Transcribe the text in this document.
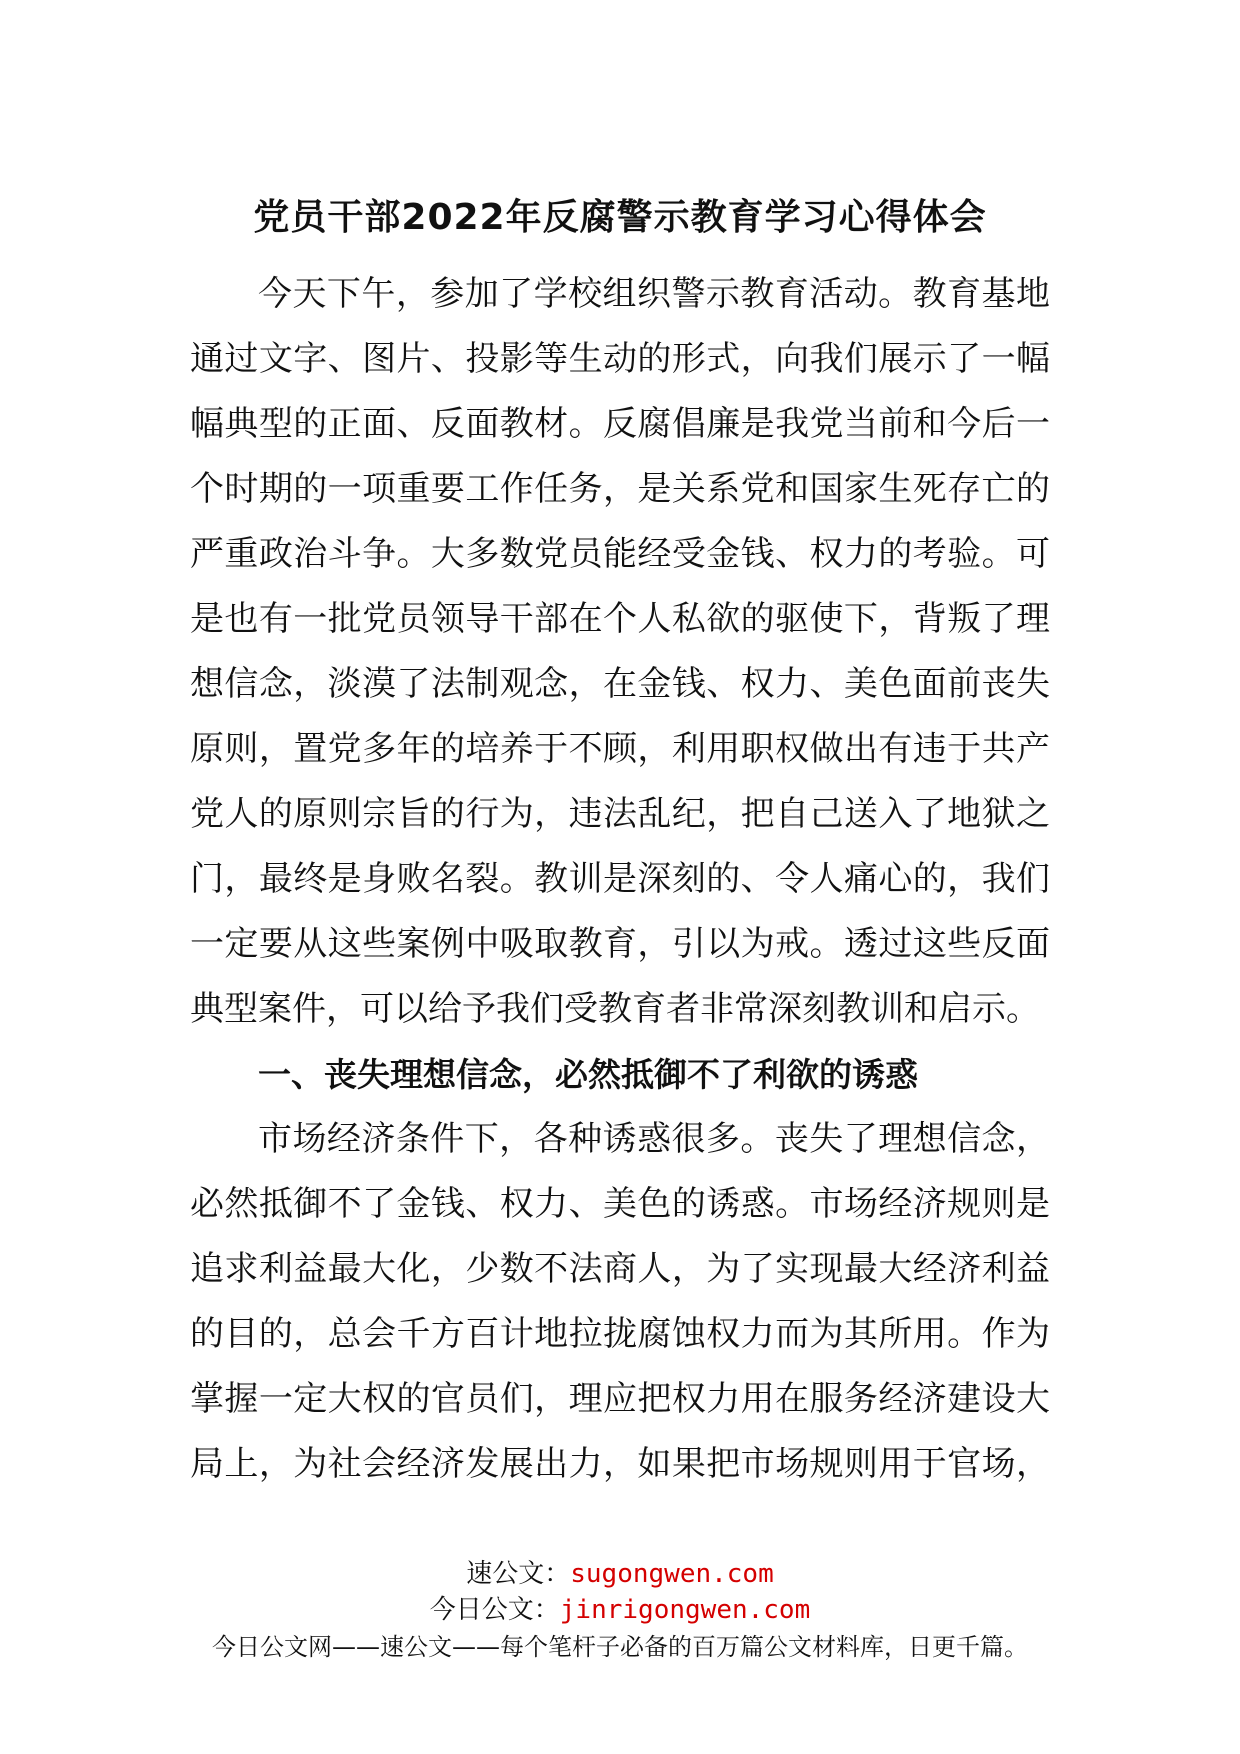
党员干部2022年反腐警示教育学习心得体会
今天下午，参加了学校组织警示教育活动。教育基地
通过文字、图片、投影等生动的形式，向我们展示了一幅
幅典型的正面、反面教材。反腐倡廉是我党当前和今后一
个时期的一项重要工作任务，是关系党和国家生死存亡的
严重政治斗争。大多数党员能经受金钱、权力的考验。可
是也有一批党员领导干部在个人私欲的驱使下，背叛了理
想信念，淡漠了法制观念，在金钱、权力、美色面前丧失
原则，置党多年的培养于不顾，利用职权做出有违于共产
党人的原则宗旨的行为，违法乱纪，把自己送入了地狱之
门，最终是身败名裂。教训是深刻的、令人痛心的，我们
一定要从这些案例中吸取教育，引以为戒。透过这些反面
典型案件，可以给予我们受教育者非常深刻教训和启示。
一、丧失理想信念，必然抵御不了利欲的诱惑
市场经济条件下，各种诱惑很多。丧失了理想信念，
必然抵御不了金钱、权力、美色的诱惑。市场经济规则是
追求利益最大化，少数不法商人，为了实现最大经济利益
的目的，总会千方百计地拉拢腐蚀权力而为其所用。作为
掌握一定大权的官员们，理应把权力用在服务经济建设大
局上，为社会经济发展出力，如果把市场规则用于官场，
速公文：sugongwen.com
今日公文：jinrigongwen.com
今日公文网——速公文——每个笔杆子必备的百万篇公文材料库，日更千篇。
